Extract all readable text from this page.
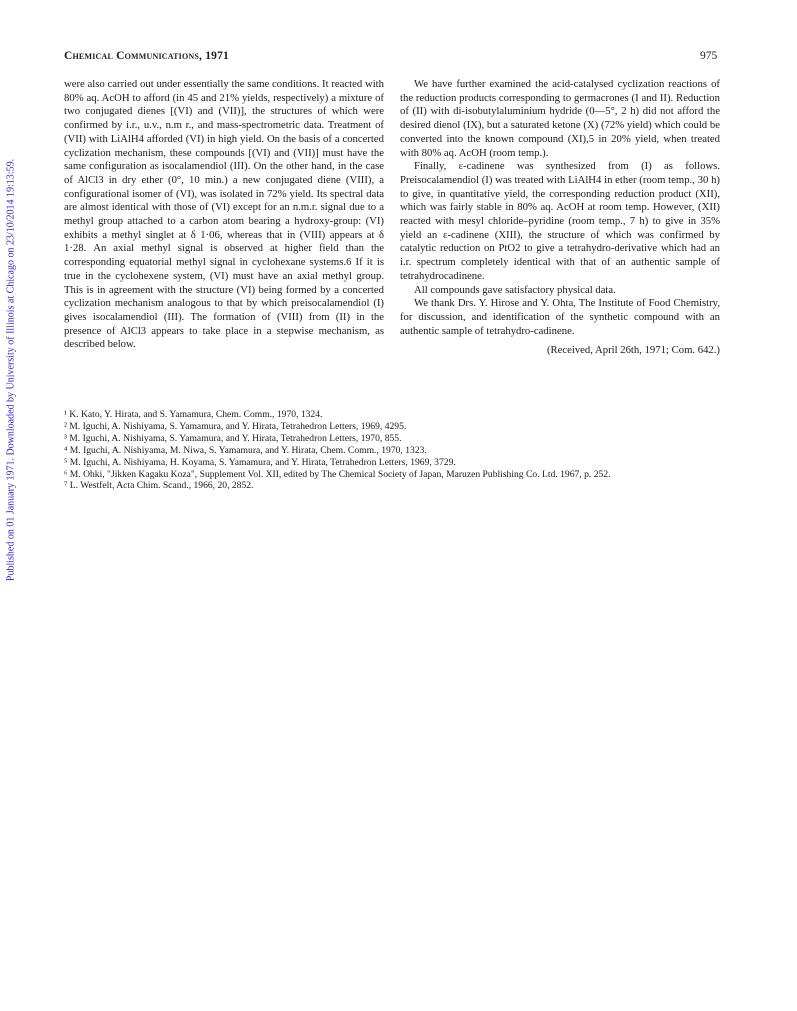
Published on 01 January 1971. Downloaded by University of Illinois at Chicago on 23/10/2014 19:13:59.
Chemical Communications, 1971	975

were also carried out under essentially the same conditions. It reacted with 80% aq. AcOH to afford (in 45 and 21% yields, respectively) a mixture of two conjugated dienes [(VI) and (VII)], the structures of which were confirmed by i.r., u.v., n.m r., and mass-spectrometric data. Treatment of (VII) with LiAlH4 afforded (VI) in high yield. On the basis of a concerted cyclization mechanism, these compounds [(VI) and (VII)] must have the same configuration as isocalamendiol (III). On the other hand, in the case of AlCl3 in dry ether (0°, 10 min.) a new conjugated diene (VIII), a configurational isomer of (VI), was isolated in 72% yield. Its spectral data are almost identical with those of (VI) except for an n.m.r. signal due to a methyl group attached to a carbon atom bearing a hydroxy-group: (VI) exhibits a methyl singlet at δ 1·06, whereas that in (VIII) appears at δ 1·28. An axial methyl signal is observed at higher field than the corresponding equatorial methyl signal in cyclohexane systems.6 If it is true in the cyclohexene system, (VI) must have an axial methyl group. This is in agreement with the structure (VI) being formed by a concerted cyclization mechanism analogous to that by which preisocalamendiol (I) gives isocalamendiol (III). The formation of (VIII) from (II) in the presence of AlCl3 appears to take place in a stepwise mechanism, as described below.

We have further examined the acid-catalysed cyclization reactions of the reduction products corresponding to germacrones (I and II). Reduction of (II) with di-isobutylaluminium hydride (0—5°, 2 h) did not afford the desired dienol (IX), but a saturated ketone (X) (72% yield) which could be converted into the known compound (XI),5 in 20% yield, when treated with 80% aq. AcOH (room temp.).

Finally, ε-cadinene was synthesized from (I) as follows. Preisocalamendiol (I) was treated with LiAlH4 in ether (room temp., 30 h) to give, in quantitative yield, the corresponding reduction product (XII), which was fairly stable in 80% aq. AcOH at room temp. However, (XII) reacted with mesyl chloride–pyridine (room temp., 7 h) to give in 35% yield an ε-cadinene (XIII), the structure of which was confirmed by catalytic reduction on PtO2 to give a tetrahydro-derivative which had an i.r. spectrum completely identical with that of an authentic sample of tetrahydrocadinene.

All compounds gave satisfactory physical data.

We thank Drs. Y. Hirose and Y. Ohta, The Institute of Food Chemistry, for discussion, and identification of the synthetic compound with an authentic sample of tetrahydro-cadinene.

(Received, April 26th, 1971; Com. 642.)

¹ K. Kato, Y. Hirata, and S. Yamamura, Chem. Comm., 1970, 1324.

² M. Iguchi, A. Nishiyama, S. Yamamura, and Y. Hirata, Tetrahedron Letters, 1969, 4295.

³ M. Iguchi, A. Nishiyama, S. Yamamura, and Y. Hirata, Tetrahedron Letters, 1970, 855.

⁴ M. Iguchi, A. Nishiyama, M. Niwa, S. Yamamura, and Y. Hirata, Chem. Comm., 1970, 1323.

⁵ M. Iguchi, A. Nishiyama, H. Koyama, S. Yamamura, and Y. Hirata, Tetrahedron Letters, 1969, 3729.

⁶ M. Ohki, "Jikken Kagaku Koza", Supplement Vol. XII, edited by The Chemical Society of Japan, Maruzen Publishing Co. Ltd. 1967, p. 252.

⁷ L. Westfelt, Acta Chim. Scand., 1966, 20, 2852.
